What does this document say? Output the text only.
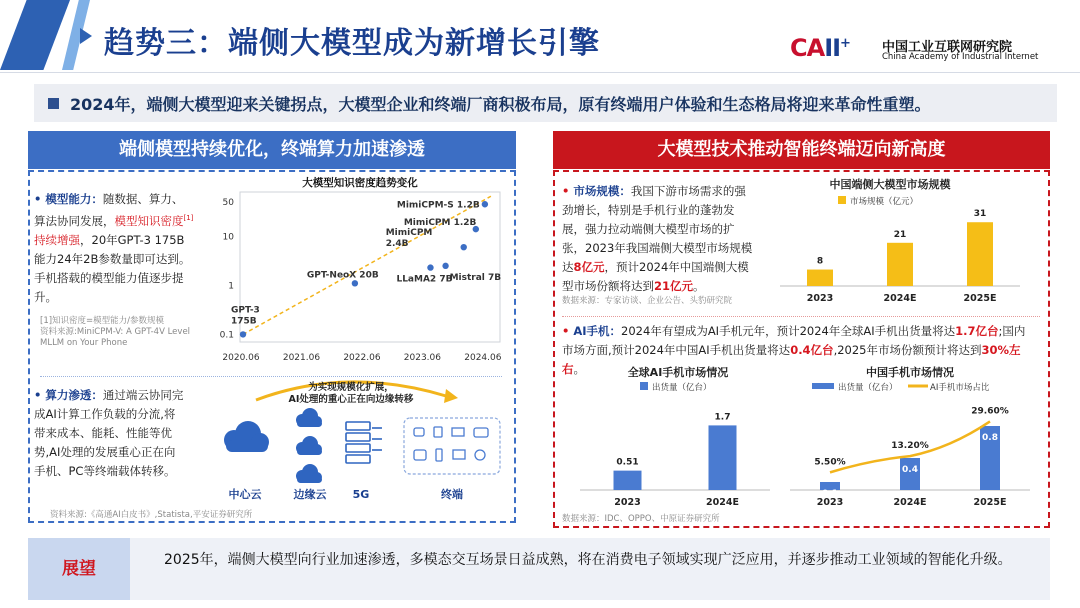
趋势三：端侧大模型成为新增长引擎	CAII+ 中国工业互联网研究院
China Academy of Industrial Internet
2024年，端侧大模型迎来关键拐点，大模型企业和终端厂商积极布局，原有终端用户体验和生态格局将迎来革命性重塑。
端侧模型持续优化，终端算力加速渗透
• 模型能力：随数据、算力、算法协同发展，模型知识密度[1]持续增强，20年GPT-3 175B能力24年2B参数量即可达到。手机搭载的模型能力值逐步提升。
[1]知识密度=模型能力/参数规模
资料来源:MiniCPM-V: A GPT-4V Level MLLM on Your Phone
大模型知识密度趋势变化
2020.06	2021.06	2022.06	2023.06	2024.06
0.1
1
10
50
GPT-3
175B
GPT-NeoX 20B LLaMA2 7B
Mistral 7B
MimiCPM
2.4B
MimiCPM 1.2B
MimiCPM-S 1.2B
• 算力渗透：通过端云协同完成AI计算工作负载的分流,将带来成本、能耗、性能等优势,AI处理的发展重心正在向手机、PC等终端载体转移。
为实现规模化扩展，
AI处理的重心正在向边缘转移
中心云	边缘云 5G	终端
资料来源:《高通AI白皮书》,Statista,平安证券研究所
大模型技术推动智能终端迈向新高度
• 市场规模：我国下游市场需求的强劲增长，特别是手机行业的蓬勃发展，强力拉动端侧大模型市场的扩张，2023年我国端侧大模型市场规模达8亿元，预计2024年中国端侧大模型市场份额将达到21亿元。
数据来源：专家访谈、企业公告、头豹研究院
中国端侧大模型市场规模
市场规模（亿元）
8
2023
21
2024E
31
2025E
• AI手机：2024年有望成为AI手机元年，预计2024年全球AI手机出货量将达1.7亿台;国内市场方面,预计2024年中国AI手机出货量将达0.4亿台,2025年市场份额预计将达到30%左右。	全球AI手机市场情况
出货量（亿台）
0.51
2023
1.7
2024E
中国手机市场情况
出货量（亿台）	AI手机市场占比
0.1
2023
0.4
2024E
0.8
2025E
5.50%
13.20%
29.60%
数据来源：IDC、OPPO、中原证券研究所
展望	2025年，端侧大模型向行业加速渗透，多模态交互场景日益成熟，将在消费电子领域实现广泛应用，并逐步推动工业领域的智能化升级。
